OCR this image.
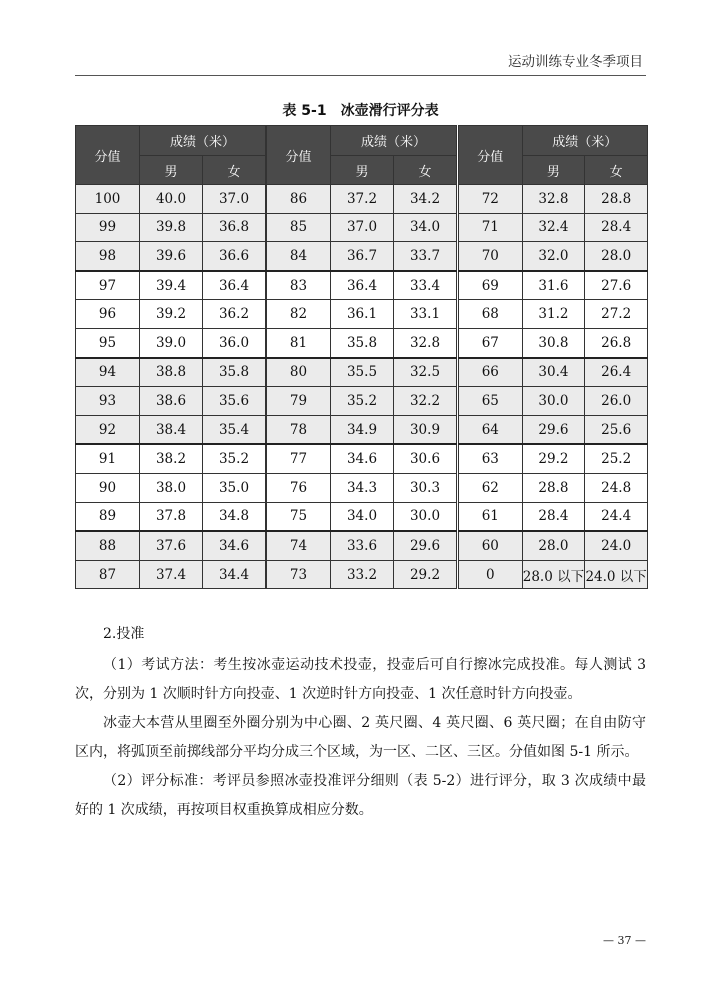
运动训练专业冬季项目
表 5-1　冰壶滑行评分表
分值	成绩（米）	
	男	女
100	40.0	37.0
99	39.8	36.8
98	39.6	36.6
97	39.4	36.4
96	39.2	36.2
95	39.0	36.0
94	38.8	35.8
93	38.6	35.6
92	38.4	35.4
91	38.2	35.2
90	38.0	35.0
89	37.8	34.8
88	37.6	34.6
87	37.4	34.4
分值	成绩（米）	
	男	女
86	37.2	34.2
85	37.0	34.0
84	36.7	33.7
83	36.4	33.4
82	36.1	33.1
81	35.8	32.8
80	35.5	32.5
79	35.2	32.2
78	34.9	30.9
77	34.6	30.6
76	34.3	30.3
75	34.0	30.0
74	33.6	29.6
73	33.2	29.2
分值	成绩（米）	
	男	女
72	32.8	28.8
71	32.4	28.4
70	32.0	28.0
69	31.6	27.6
68	31.2	27.2
67	30.8	26.8
66	30.4	26.4
65	30.0	26.0
64	29.6	25.6
63	29.2	25.2
62	28.8	24.8
61	28.4	24.4
60	28.0	24.0
0	28.0 以下	24.0 以下

2.投准

（1）考试方法：考生按冰壶运动技术投壶，投壶后可自行擦冰完成投准。每人测试 3 次，分别为 1 次顺时针方向投壶、1 次逆时针方向投壶、1 次任意时针方向投壶。

冰壶大本营从里圈至外圈分别为中心圈、2 英尺圈、4 英尺圈、6 英尺圈；在自由防守区内，将弧顶至前掷线部分平均分成三个区域，为一区、二区、三区。分值如图 5-1 所示。

（2）评分标准：考评员参照冰壶投准评分细则（表 5-2）进行评分，取 3 次成绩中最好的 1 次成绩，再按项目权重换算成相应分数。

— 37 —
